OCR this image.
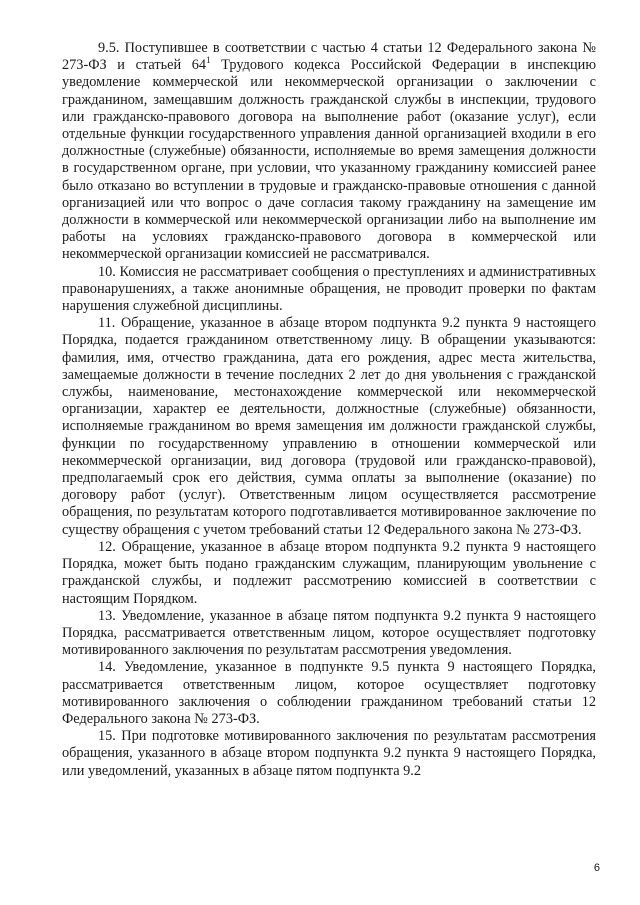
9.5. Поступившее в соответствии с частью 4 статьи 12 Федерального закона № 273-ФЗ и статьей $64^1$ Трудового кодекса Российской Федерации в инспекцию уведомление коммерческой или некоммерческой организации о заключении с гражданином, замещавшим должность гражданской службы в инспекции, трудового или гражданско-правового договора на выполнение работ (оказание услуг), если отдельные функции государственного управления данной организацией входили в его должностные (служебные) обязанности, исполняемые во время замещения должности в государственном органе, при условии, что указанному гражданину комиссией ранее было отказано во вступлении в трудовые и гражданско-правовые отношения с данной организацией или что вопрос о даче согласия такому гражданину на замещение им должности в коммерческой или некоммерческой организации либо на выполнение им работы на условиях гражданско-правового договора в коммерческой или некоммерческой организации комиссией не рассматривался.

10. Комиссия не рассматривает сообщения о преступлениях и административных правонарушениях, а также анонимные обращения, не проводит проверки по фактам нарушения служебной дисциплины.

11. Обращение, указанное в абзаце втором подпункта 9.2 пункта 9 настоящего Порядка, подается гражданином ответственному лицу. В обращении указываются: фамилия, имя, отчество гражданина, дата его рождения, адрес места жительства, замещаемые должности в течение последних 2 лет до дня увольнения с гражданской службы, наименование, местонахождение коммерческой или некоммерческой организации, характер ее деятельности, должностные (служебные) обязанности, исполняемые гражданином во время замещения им должности гражданской службы, функции по государственному управлению в отношении коммерческой или некоммерческой организации, вид договора (трудовой или гражданско-правовой), предполагаемый срок его действия, сумма оплаты за выполнение (оказание) по договору работ (услуг). Ответственным лицом осуществляется рассмотрение обращения, по результатам которого подготавливается мотивированное заключение по существу обращения с учетом требований статьи 12 Федерального закона № 273-ФЗ.

12. Обращение, указанное в абзаце втором подпункта 9.2 пункта 9 настоящего Порядка, может быть подано гражданским служащим, планирующим увольнение с гражданской службы, и подлежит рассмотрению комиссией в соответствии с настоящим Порядком.

13. Уведомление, указанное в абзаце пятом подпункта 9.2 пункта 9 настоящего Порядка, рассматривается ответственным лицом, которое осуществляет подготовку мотивированного заключения по результатам рассмотрения уведомления.

14. Уведомление, указанное в подпункте 9.5 пункта 9 настоящего Порядка, рассматривается ответственным лицом, которое осуществляет подготовку мотивированного заключения о соблюдении гражданином требований статьи 12 Федерального закона № 273-ФЗ.

15. При подготовке мотивированного заключения по результатам рассмотрения обращения, указанного в абзаце втором подпункта 9.2 пункта 9 настоящего Порядка, или уведомлений, указанных в абзаце пятом подпункта 9.2

6
